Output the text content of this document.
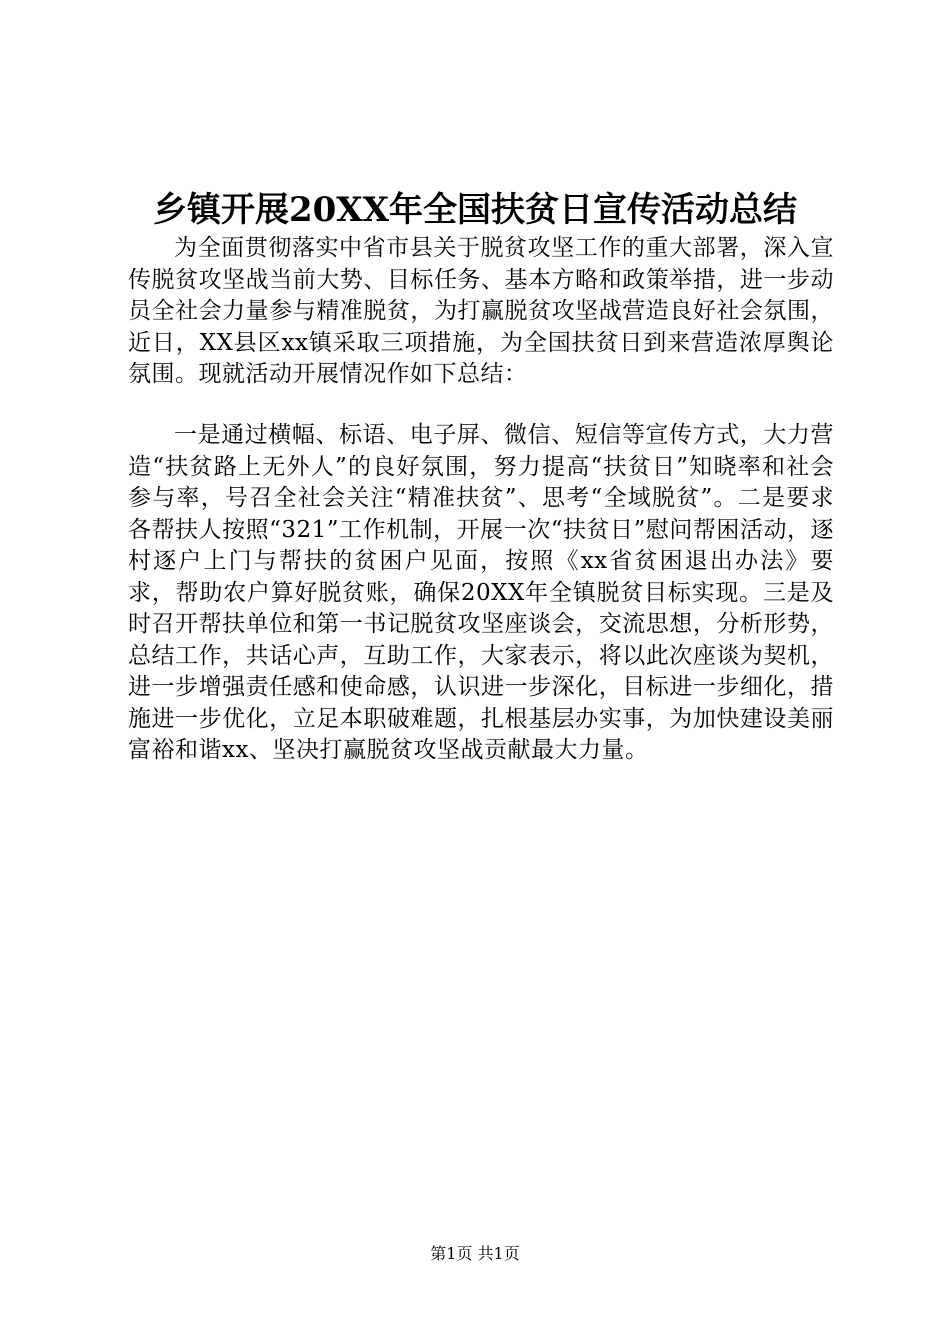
乡镇开展20XX年全国扶贫日宣传活动总结

为全面贯彻落实中省市县关于脱贫攻坚工作的重大部署，深入宣传脱贫攻坚战当前大势、目标任务、基本方略和政策举措，进一步动员全社会力量参与精准脱贫，为打赢脱贫攻坚战营造良好社会氛围，近日，XX县区xx镇采取三项措施，为全国扶贫日到来营造浓厚舆论氛围。现就活动开展情况作如下总结：

一是通过横幅、标语、电子屏、微信、短信等宣传方式，大力营造“扶贫路上无外人”的良好氛围，努力提高“扶贫日”知晓率和社会参与率，号召全社会关注“精准扶贫”、思考“全域脱贫”。二是要求各帮扶人按照“321”工作机制，开展一次“扶贫日”慰问帮困活动，逐村逐户上门与帮扶的贫困户见面，按照《xx省贫困退出办法》要求，帮助农户算好脱贫账，确保20XX年全镇脱贫目标实现。三是及时召开帮扶单位和第一书记脱贫攻坚座谈会，交流思想，分析形势，总结工作，共话心声，互助工作，大家表示，将以此次座谈为契机，进一步增强责任感和使命感，认识进一步深化，目标进一步细化，措施进一步优化，立足本职破难题，扎根基层办实事，为加快建设美丽富裕和谐xx、坚决打赢脱贫攻坚战贡献最大力量。

第1页 共1页
